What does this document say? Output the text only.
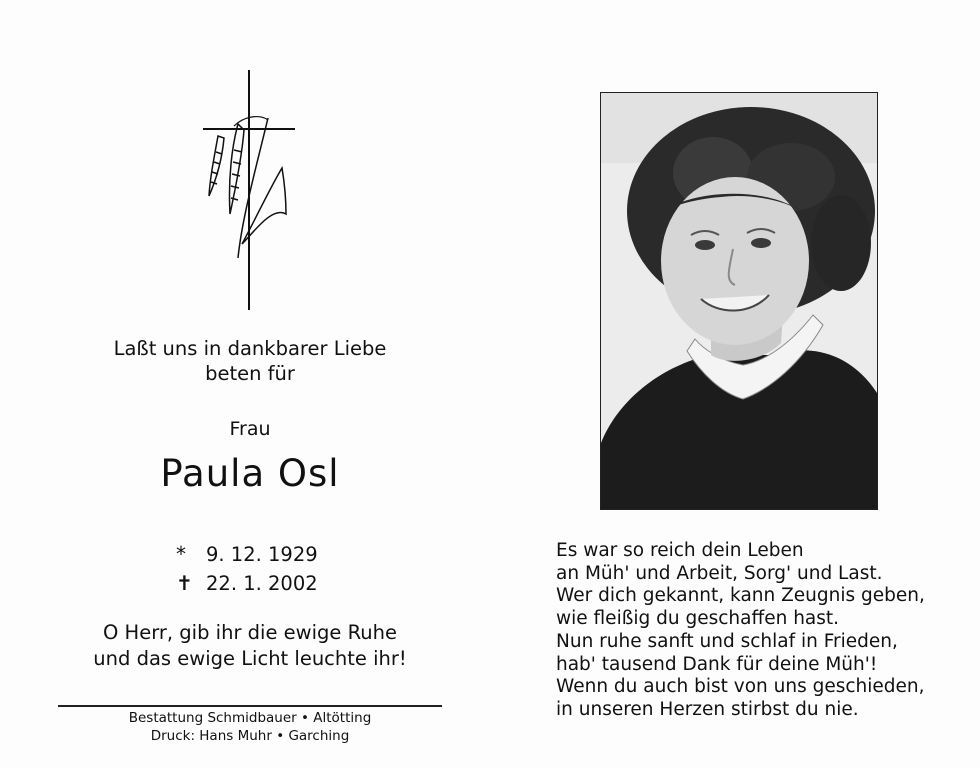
Laßt uns in dankbarer Liebe
beten für
Frau
Paula Osl
*	9. 12. 1929
✝ 22. 1. 2002
O Herr, gib ihr die ewige Ruhe
und das ewige Licht leuchte ihr!
Bestattung Schmidbauer • Altötting
Druck: Hans Muhr • Garching
Es war so reich dein Leben
an Müh' und Arbeit, Sorg' und Last.
Wer dich gekannt, kann Zeugnis geben,
wie fleißig du geschaffen hast.
Nun ruhe sanft und schlaf in Frieden,
hab' tausend Dank für deine Müh'!
Wenn du auch bist von uns geschieden,
in unseren Herzen stirbst du nie.
